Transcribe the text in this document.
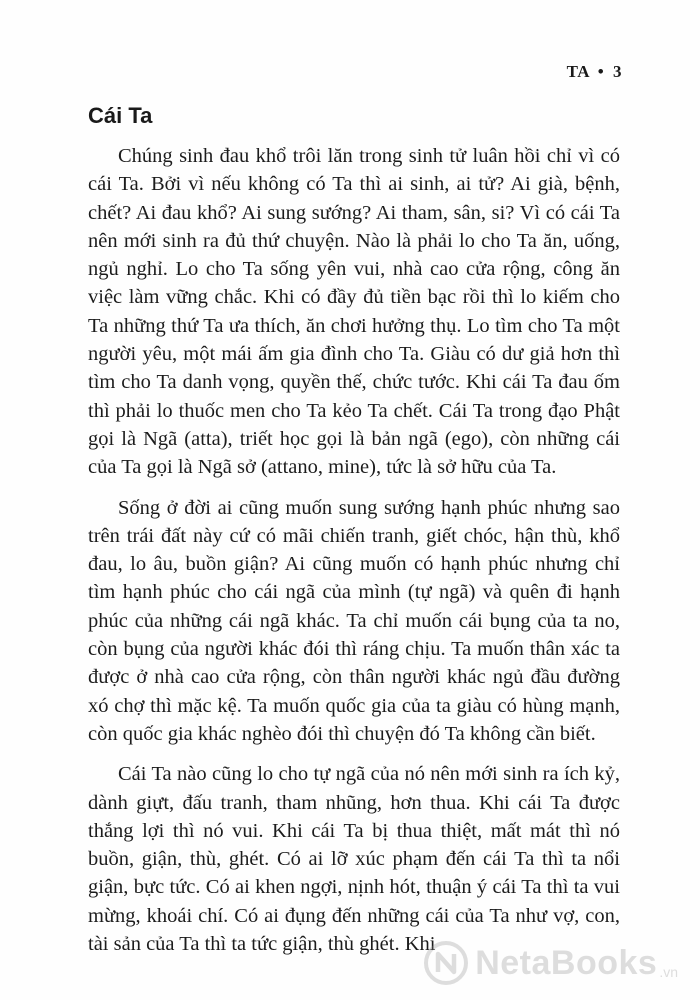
TA • 3
Cái Ta

Chúng sinh đau khổ trôi lăn trong sinh tử luân hồi chỉ vì có cái Ta. Bởi vì nếu không có Ta thì ai sinh, ai tử? Ai già, bệnh, chết? Ai đau khổ? Ai sung sướng? Ai tham, sân, si? Vì có cái Ta nên mới sinh ra đủ thứ chuyện. Nào là phải lo cho Ta ăn, uống, ngủ nghỉ. Lo cho Ta sống yên vui, nhà cao cửa rộng, công ăn việc làm vững chắc. Khi có đầy đủ tiền bạc rồi thì lo kiếm cho Ta những thứ Ta ưa thích, ăn chơi hưởng thụ. Lo tìm cho Ta một người yêu, một mái ấm gia đình cho Ta. Giàu có dư giả hơn thì tìm cho Ta danh vọng, quyền thế, chức tước. Khi cái Ta đau ốm thì phải lo thuốc men cho Ta kẻo Ta chết. Cái Ta trong đạo Phật gọi là Ngã (atta), triết học gọi là bản ngã (ego), còn những cái của Ta gọi là Ngã sở (attano, mine), tức là sở hữu của Ta.

Sống ở đời ai cũng muốn sung sướng hạnh phúc nhưng sao trên trái đất này cứ có mãi chiến tranh, giết chóc, hận thù, khổ đau, lo âu, buồn giận? Ai cũng muốn có hạnh phúc nhưng chỉ tìm hạnh phúc cho cái ngã của mình (tự ngã) và quên đi hạnh phúc của những cái ngã khác. Ta chỉ muốn cái bụng của ta no, còn bụng của người khác đói thì ráng chịu. Ta muốn thân xác ta được ở nhà cao cửa rộng, còn thân người khác ngủ đầu đường xó chợ thì mặc kệ. Ta muốn quốc gia của ta giàu có hùng mạnh, còn quốc gia khác nghèo đói thì chuyện đó Ta không cần biết.

Cái Ta nào cũng lo cho tự ngã của nó nên mới sinh ra ích kỷ, dành giựt, đấu tranh, tham nhũng, hơn thua. Khi cái Ta được thắng lợi thì nó vui. Khi cái Ta bị thua thiệt, mất mát thì nó buồn, giận, thù, ghét. Có ai lỡ xúc phạm đến cái Ta thì ta nổi giận, bực tức. Có ai khen ngợi, nịnh hót, thuận ý cái Ta thì ta vui mừng, khoái chí. Có ai đụng đến những cái của Ta như vợ, con, tài sản của Ta thì ta tức giận, thù ghét. Khi	NetaBooks .vn
